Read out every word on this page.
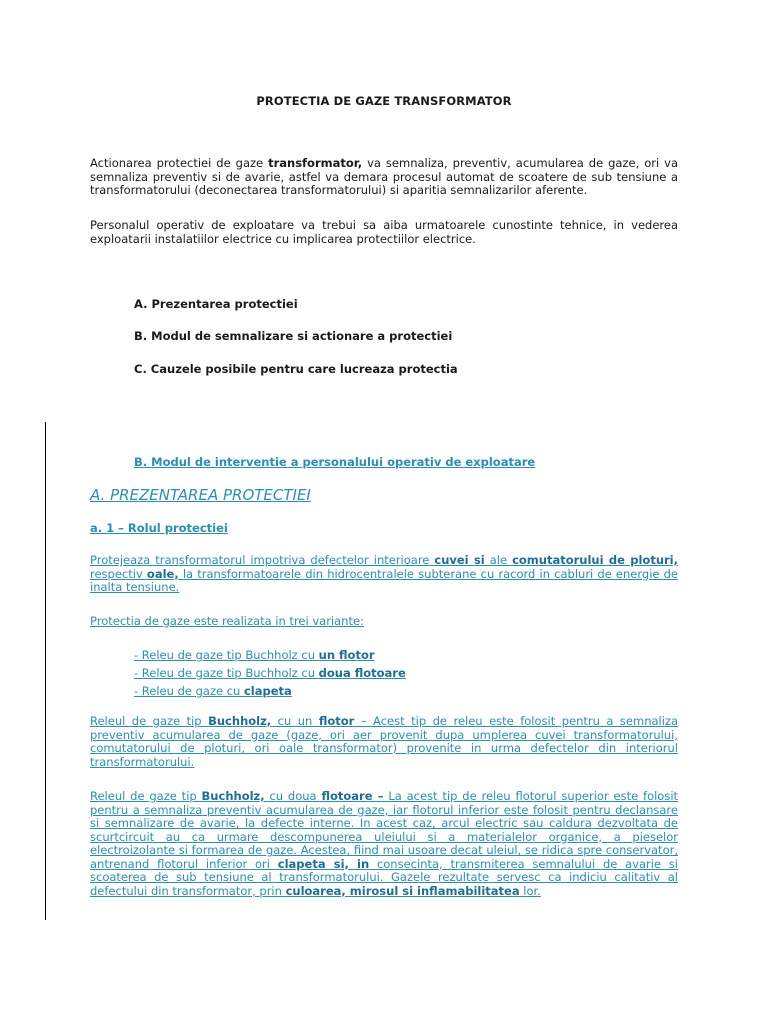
PROTECTIA DE GAZE TRANSFORMATOR

Actionarea protectiei de gaze transformator, va semnaliza, preventiv, acumularea de gaze, ori va semnaliza preventiv si de avarie, astfel va demara procesul automat de scoatere de sub tensiune a transformatorului (deconectarea transformatorului) si aparitia semnalizarilor aferente.

Personalul operativ de exploatare va trebui sa aiba urmatoarele cunostinte tehnice, in vederea exploatarii instalatiilor electrice cu implicarea protectiilor electrice.

A. Prezentarea protectiei

B. Modul de semnalizare si actionare a protectiei

C. Cauzele posibile pentru care lucreaza protectia

B. Modul de interventie a personalului operativ de exploatare

A. PREZENTAREA PROTECTIEI

a. 1 – Rolul protectiei

Protejeaza transformatorul impotriva defectelor interioare cuvei si ale comutatorului de ploturi, respectiv oale, la transformatoarele din hidrocentralele subterane cu racord in cabluri de energie de inalta tensiune.

Protectia de gaze este realizata in trei variante:

- Releu de gaze tip Buchholz cu un flotor

- Releu de gaze tip Buchholz cu doua flotoare

- Releu de gaze cu clapeta

Releul de gaze tip Buchholz, cu un flotor – Acest tip de releu este folosit pentru a semnaliza preventiv acumularea de gaze (gaze, ori aer provenit dupa umplerea cuvei transformatorului, comutatorului de ploturi, ori oale transformator) provenite in urma defectelor din interiorul transformatorului.

Releul de gaze tip Buchholz, cu doua flotoare – La acest tip de releu flotorul superior este folosit pentru a semnaliza preventiv acumularea de gaze, iar flotorul inferior este folosit pentru declansare si semnalizare de avarie, la defecte interne. In acest caz, arcul electric sau caldura dezvoltata de scurtcircuit au ca urmare descompunerea uleiului si a materialelor organice, a pieselor electroizolante si formarea de gaze. Acestea, fiind mai usoare decat uleiul, se ridica spre conservator, antrenand flotorul inferior ori clapeta si, in consecinta, transmiterea semnalului de avarie si scoaterea de sub tensiune al transformatorului. Gazele rezultate servesc ca indiciu calitativ al defectului din transformator, prin culoarea, mirosul si inflamabilitatea lor.
